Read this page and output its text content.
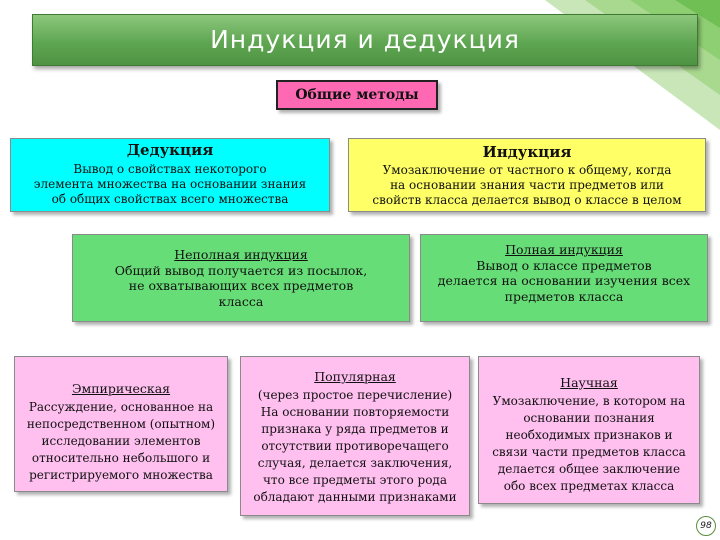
Индукция и дедукция
Общие методы
Дедукция
Вывод о свойствах некоторого
элемента множества на основании знания
об общих свойствах всего множества
Индукция
Умозаключение от частного к общему, когда
на основании знания части предметов или
свойств класса делается вывод о классе в целом
Неполная индукция
Общий вывод получается из посылок,
не охватывающих всех предметов
класса
Полная индукция
Вывод о классе предметов
делается на основании изучения всех
предметов класса
Эмпирическая
Рассуждение, основанное на
непосредственном (опытном)
исследовании элементов
относительно небольшого и
регистрируемого множества
Популярная
(через простое перечисление)
На основании повторяемости
признака у ряда предметов и
отсутствии противоречащего
случая, делается заключения,
что все предметы этого рода
обладают данными признаками
Научная
Умозаключение, в котором на
основании познания
необходимых признаков и
связи части предметов класса
делается общее заключение
обо всех предметах класса
98
